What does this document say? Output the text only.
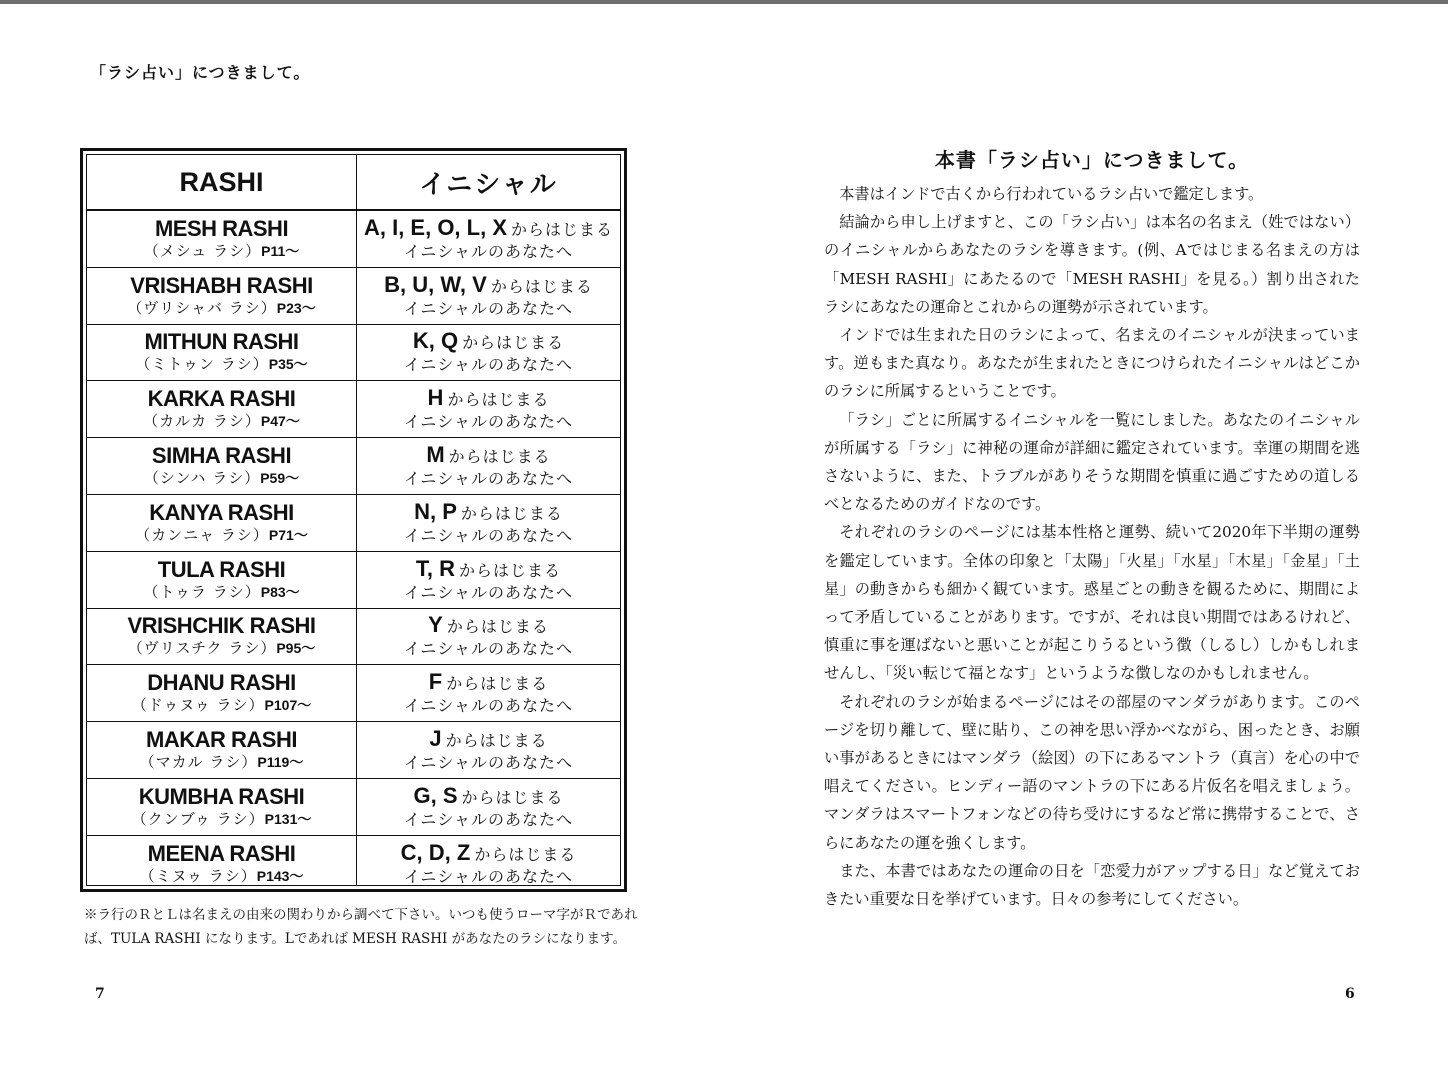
「ラシ占い」につきまして。
RASHI	イニシャル
MESH RASHI
（メシュ ラシ）P11〜
A, I, E, O, L, X からはじまる
イニシャルのあなたへ
VRISHABH RASHI
（ヴリシャバ ラシ）P23〜
B, U, W, V からはじまる
イニシャルのあなたへ
MITHUN RASHI
（ミトゥン ラシ）P35〜
K, Q からはじまる
イニシャルのあなたへ
KARKA RASHI
（カルカ ラシ）P47〜
H からはじまる
イニシャルのあなたへ
SIMHA RASHI
（シンハ ラシ）P59〜
M からはじまる
イニシャルのあなたへ
KANYA RASHI
（カンニャ ラシ）P71〜
N, P からはじまる
イニシャルのあなたへ
TULA RASHI
（トゥラ ラシ）P83〜
T, R からはじまる
イニシャルのあなたへ
VRISHCHIK RASHI
（ヴリスチク ラシ）P95〜
Y からはじまる
イニシャルのあなたへ
DHANU RASHI
（ドゥヌゥ ラシ）P107〜
F からはじまる
イニシャルのあなたへ
MAKAR RASHI
（マカル ラシ）P119〜
J からはじまる
イニシャルのあなたへ
KUMBHA RASHI
（クンブゥ ラシ）P131〜
G, S からはじまる
イニシャルのあなたへ
MEENA RASHI
（ミヌゥ ラシ）P143〜
C, D, Z からはじまる
イニシャルのあなたへ
※ラ行のＲとＬは名まえの由来の関わりから調べて下さい。いつも使うローマ字がＲであれば、TULA RASHI になります。Lであれば MESH RASHI があなたのラシになります。
7
本書「ラシ占い」につきまして。

本書はインドで古くから行われているラシ占いで鑑定します。

結論から申し上げますと、この「ラシ占い」は本名の名まえ（姓ではない）のイニシャルからあなたのラシを導きます。(例、Aではじまる名まえの方は「MESH RASHI」にあたるので「MESH RASHI」を見る。）割り出されたラシにあなたの運命とこれからの運勢が示されています。

インドでは生まれた日のラシによって、名まえのイニシャルが決まっています。逆もまた真なり。あなたが生まれたときにつけられたイニシャルはどこかのラシに所属するということです。

「ラシ」ごとに所属するイニシャルを一覧にしました。あなたのイニシャルが所属する「ラシ」に神秘の運命が詳細に鑑定されています。幸運の期間を逃さないように、また、トラブルがありそうな期間を慎重に過ごすための道しるべとなるためのガイドなのです。

それぞれのラシのページには基本性格と運勢、続いて2020年下半期の運勢を鑑定しています。全体の印象と「太陽」「火星」「水星」「木星」「金星」「土星」の動きからも細かく観ています。惑星ごとの動きを観るために、期間によって矛盾していることがあります。ですが、それは良い期間ではあるけれど、慎重に事を運ばないと悪いことが起こりうるという徴（しるし）しかもしれませんし、「災い転じて福となす」というような徴しなのかもしれません。

それぞれのラシが始まるページにはその部屋のマンダラがあります。このページを切り離して、壁に貼り、この神を思い浮かべながら、困ったとき、お願い事があるときにはマンダラ（絵図）の下にあるマントラ（真言）を心の中で唱えてください。ヒンディー語のマントラの下にある片仮名を唱えましょう。マンダラはスマートフォンなどの待ち受けにするなど常に携帯することで、さらにあなたの運を強くします。

また、本書ではあなたの運命の日を「恋愛力がアップする日」など覚えておきたい重要な日を挙げています。日々の参考にしてください。

6
